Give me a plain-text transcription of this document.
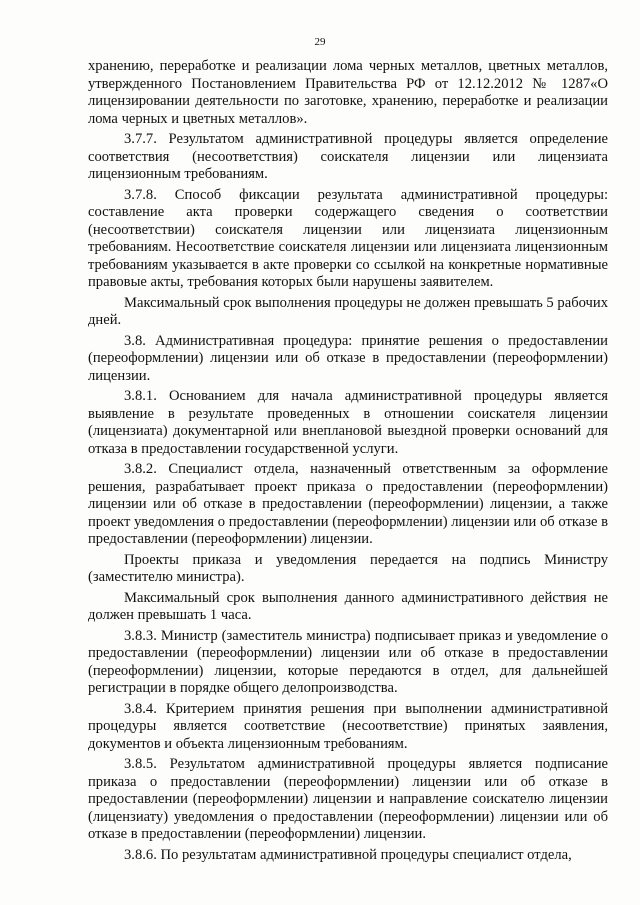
29

хранению, переработке и реализации лома черных металлов, цветных металлов, утвержденного Постановлением Правительства РФ от 12.12.2012 № 1287«О лицензировании деятельности по заготовке, хранению, переработке и реализации лома черных и цветных металлов».

3.7.7. Результатом административной процедуры является определение соответствия (несоответствия) соискателя лицензии или лицензиата лицензионным требованиям.

3.7.8. Способ фиксации результата административной процедуры: составление акта проверки содержащего сведения о соответствии (несоответствии) соискателя лицензии или лицензиата лицензионным требованиям. Несоответствие соискателя лицензии или лицензиата лицензионным требованиям указывается в акте проверки со ссылкой на конкретные нормативные правовые акты, требования которых были нарушены заявителем.

Максимальный срок выполнения процедуры не должен превышать 5 рабочих дней.

3.8. Административная процедура: принятие решения о предоставлении (переоформлении) лицензии или об отказе в предоставлении (переоформлении) лицензии.

3.8.1. Основанием для начала административной процедуры является выявление в результате проведенных в отношении соискателя лицензии (лицензиата) документарной или внеплановой выездной проверки оснований для отказа в предоставлении государственной услуги.

3.8.2. Специалист отдела, назначенный ответственным за оформление решения, разрабатывает проект приказа о предоставлении (переоформлении) лицензии или об отказе в предоставлении (переоформлении) лицензии, а также проект уведомления о предоставлении (переоформлении) лицензии или об отказе в предоставлении (переоформлении) лицензии.

Проекты приказа и уведомления передается на подпись Министру (заместителю министра).

Максимальный срок выполнения данного административного действия не должен превышать 1 часа.

3.8.3. Министр (заместитель министра) подписывает приказ и уведомление о предоставлении (переоформлении) лицензии или об отказе в предоставлении (переоформлении) лицензии, которые передаются в отдел, для дальнейшей регистрации в порядке общего делопроизводства.

3.8.4. Критерием принятия решения при выполнении административной процедуры является соответствие (несоответствие) принятых заявления, документов и объекта лицензионным требованиям.

3.8.5. Результатом административной процедуры является подписание приказа о предоставлении (переоформлении) лицензии или об отказе в предоставлении (переоформлении) лицензии и направление соискателю лицензии (лицензиату) уведомления о предоставлении (переоформлении) лицензии или об отказе в предоставлении (переоформлении) лицензии.

3.8.6. По результатам административной процедуры специалист отдела,
